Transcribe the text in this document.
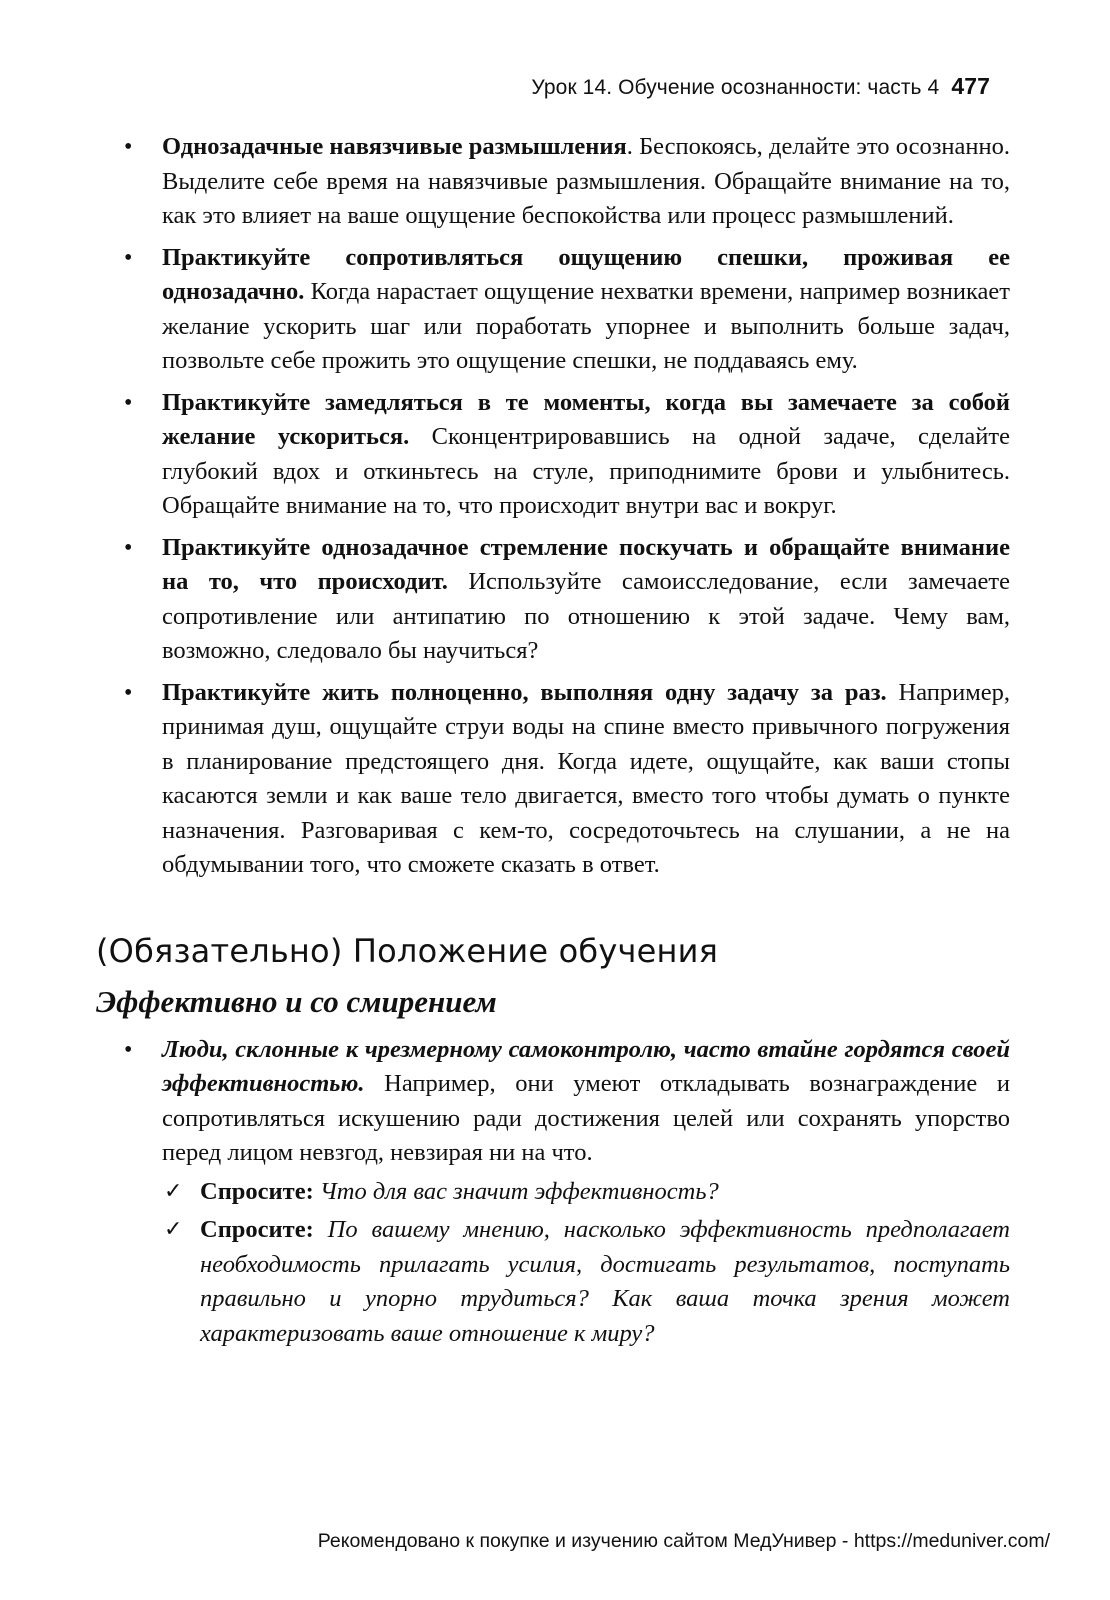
Урок 14. Обучение осознанности: часть 4 477
• Однозадачные навязчивые размышления. Беспокоясь, делайте это осознанно. Выделите себе время на навязчивые размышления. Обращайте внимание на то, как это влияет на ваше ощущение беспокойства или процесс размышлений.
• Практикуйте сопротивляться ощущению спешки, проживая ее однозадачно. Когда нарастает ощущение нехватки времени, например возникает желание ускорить шаг или поработать упорнее и выполнить больше задач, позвольте себе прожить это ощущение спешки, не поддаваясь ему.
• Практикуйте замедляться в те моменты, когда вы замечаете за собой желание ускориться. Сконцентрировавшись на одной задаче, сделайте глубокий вдох и откиньтесь на стуле, приподнимите брови и улыбнитесь. Обращайте внимание на то, что происходит внутри вас и вокруг.
• Практикуйте однозадачное стремление поскучать и обращайте внимание на то, что происходит. Используйте самоисследование, если замечаете сопротивление или антипатию по отношению к этой задаче. Чему вам, возможно, следовало бы научиться?
• Практикуйте жить полноценно, выполняя одну задачу за раз. Например, принимая душ, ощущайте струи воды на спине вместо привычного погружения в планирование предстоящего дня. Когда идете, ощущайте, как ваши стопы касаются земли и как ваше тело двигается, вместо того чтобы думать о пункте назначения. Разговаривая с кем-то, сосредоточьтесь на слушании, а не на обдумывании того, что сможете сказать в ответ.
(Обязательно) Положение обучения
Эффективно и со смирением
• Люди, склонные к чрезмерному самоконтролю, часто втайне гордятся своей эффективностью. Например, они умеют откладывать вознаграждение и сопротивляться искушению ради достижения целей или сохранять упорство перед лицом невзгод, невзирая ни на что.
✓ Спросите: Что для вас значит эффективность?
✓ Спросите: По вашему мнению, насколько эффективность предполагает необходимость прилагать усилия, достигать результатов, поступать правильно и упорно трудиться? Как ваша точка зрения может характеризовать ваше отношение к миру?
Рекомендовано к покупке и изучению сайтом МедУнивер - https://meduniver.com/
